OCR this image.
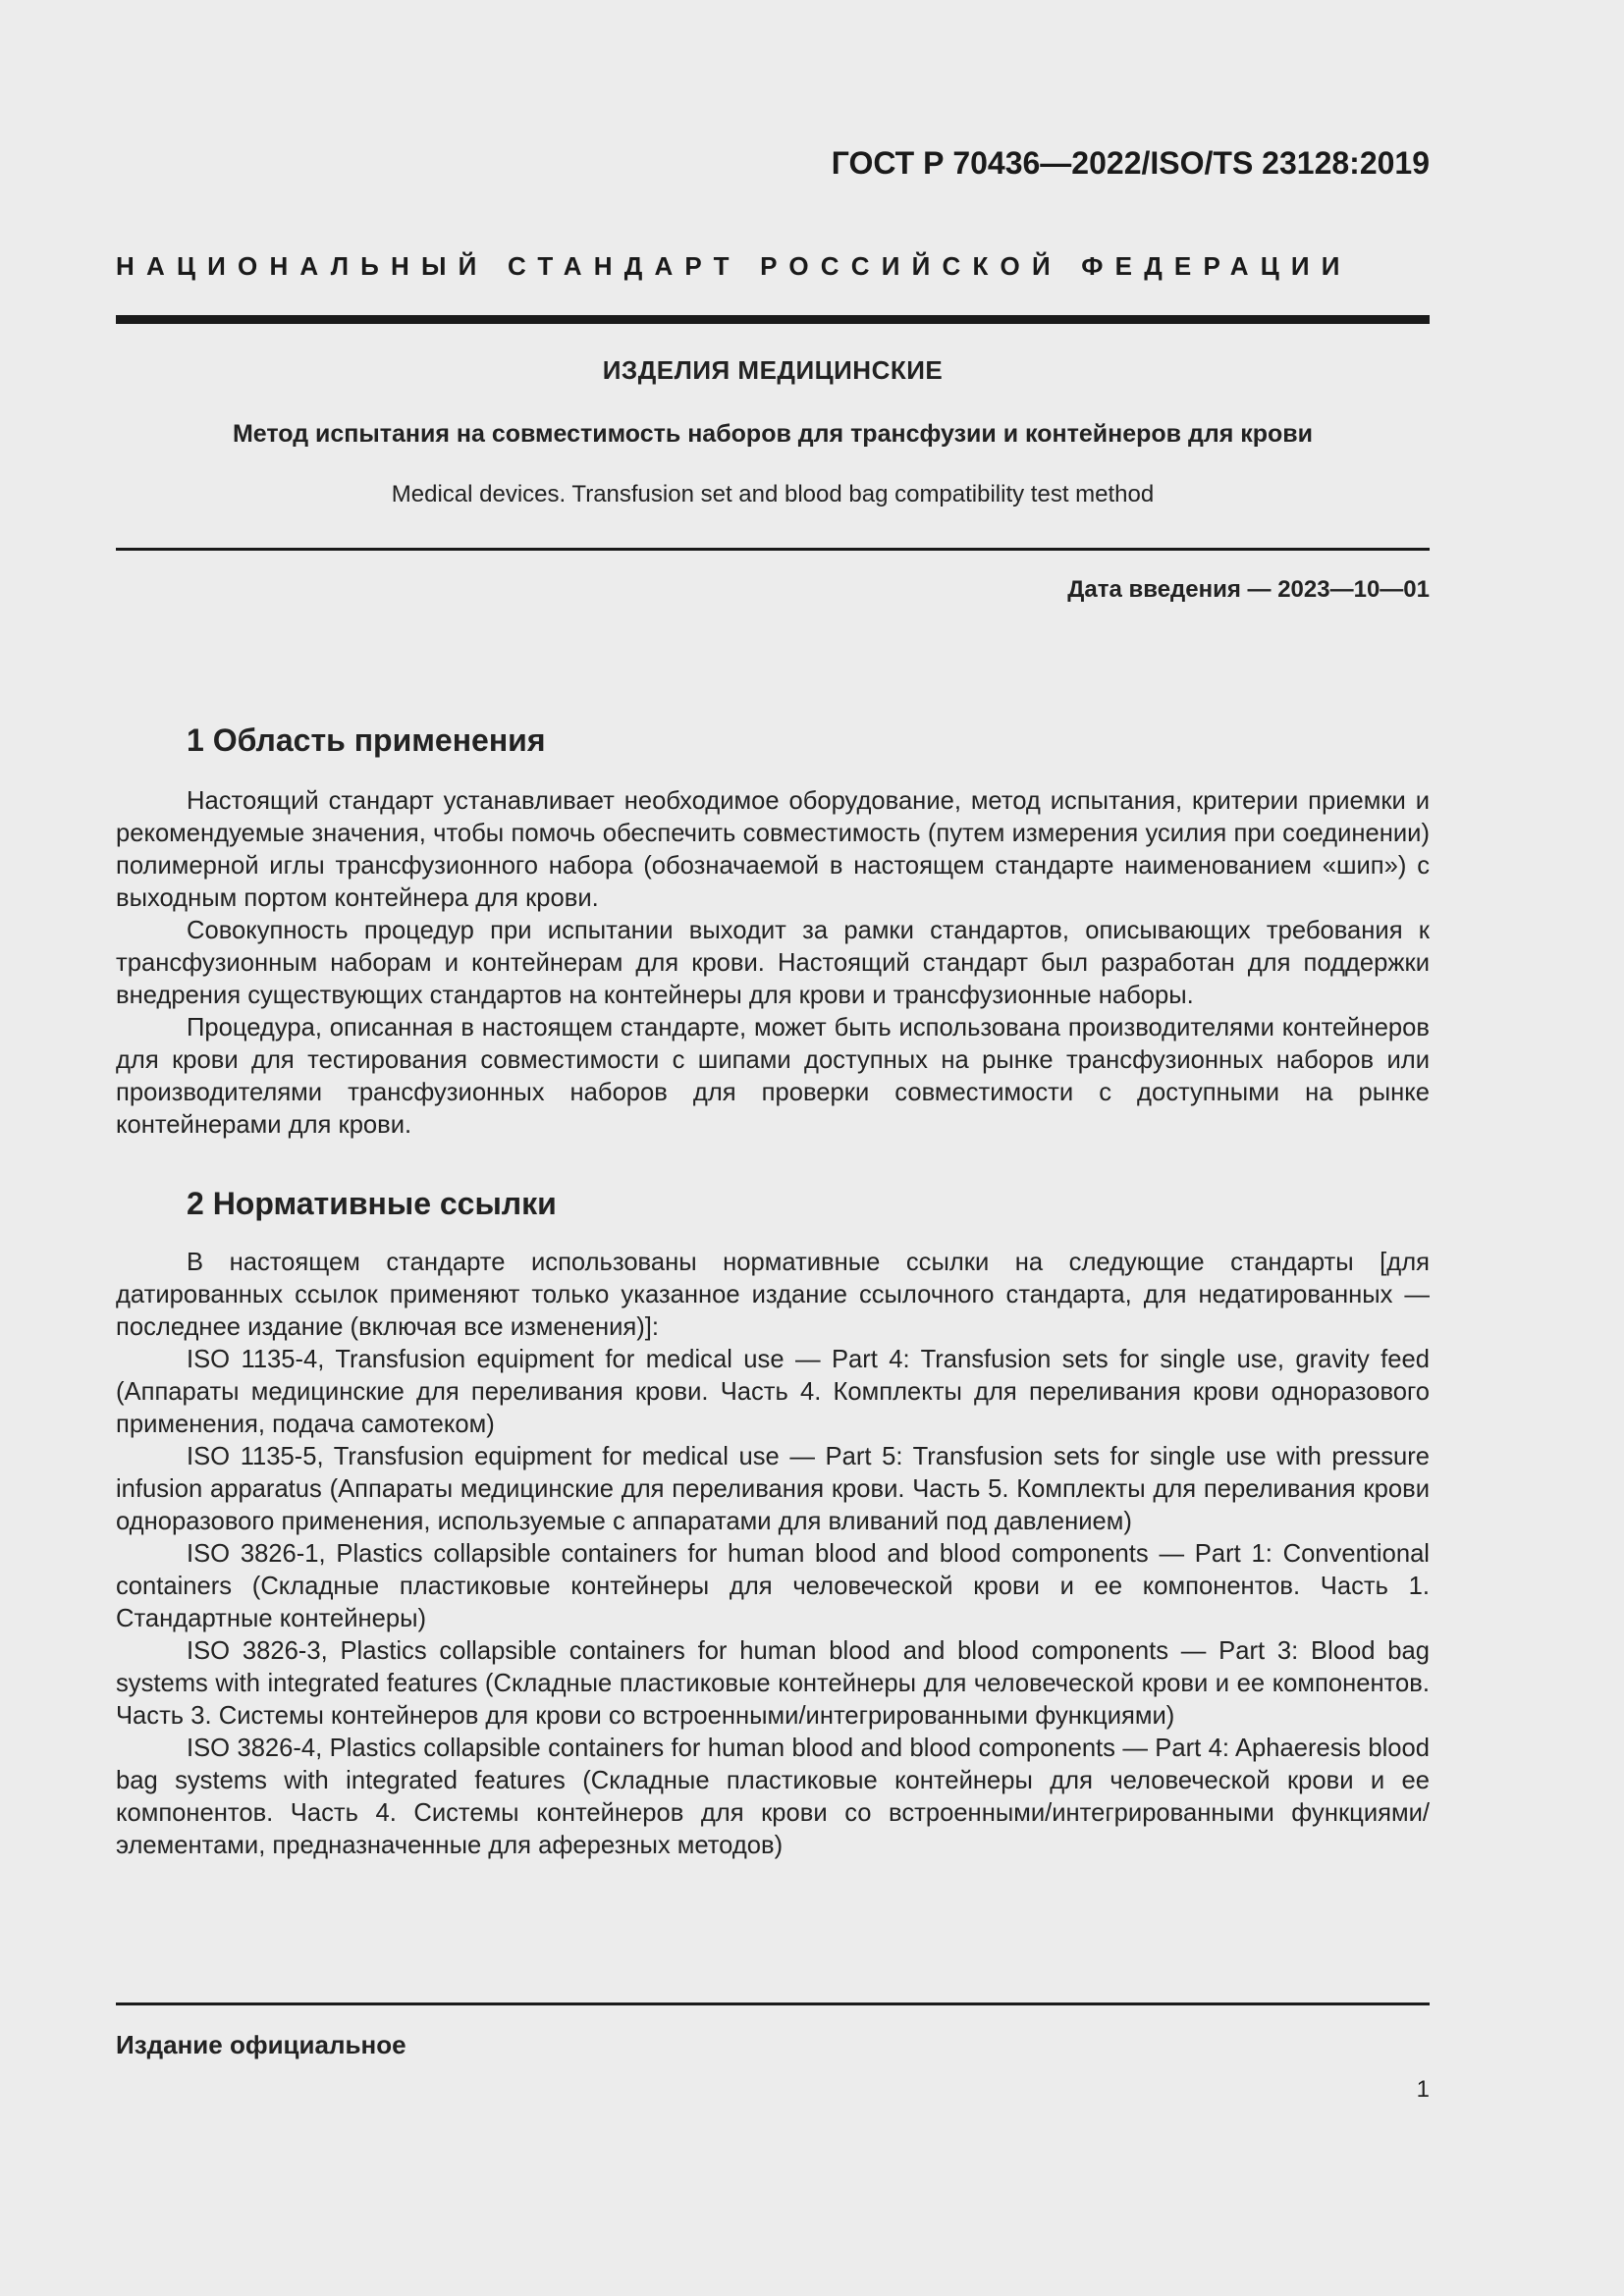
ГОСТ Р 70436—2022/ISO/TS 23128:2019
НАЦИОНАЛЬНЫЙ СТАНДАРТ РОССИЙСКОЙ ФЕДЕРАЦИИ
ИЗДЕЛИЯ МЕДИЦИНСКИЕ
Метод испытания на совместимость наборов для трансфузии и контейнеров для крови
Medical devices. Transfusion set and blood bag compatibility test method
Дата введения — 2023—10—01
1 Область применения

Настоящий стандарт устанавливает необходимое оборудование, метод испытания, критерии приемки и рекомендуемые значения, чтобы помочь обеспечить совместимость (путем измерения усилия при соединении) полимерной иглы трансфузионного набора (обозначаемой в настоящем стандарте наименованием «шип») с выходным портом контейнера для крови.

Совокупность процедур при испытании выходит за рамки стандартов, описывающих требования к трансфузионным наборам и контейнерам для крови. Настоящий стандарт был разработан для поддержки внедрения существующих стандартов на контейнеры для крови и трансфузионные наборы.

Процедура, описанная в настоящем стандарте, может быть использована производителями контейнеров для крови для тестирования совместимости с шипами доступных на рынке трансфузионных наборов или производителями трансфузионных наборов для проверки совместимости с доступными на рынке контейнерами для крови.

2 Нормативные ссылки

В настоящем стандарте использованы нормативные ссылки на следующие стандарты [для датированных ссылок применяют только указанное издание ссылочного стандарта, для недатированных — последнее издание (включая все изменения)]:

ISO 1135-4, Transfusion equipment for medical use — Part 4: Transfusion sets for single use, gravity feed (Аппараты медицинские для переливания крови. Часть 4. Комплекты для переливания крови одноразового применения, подача самотеком)

ISO 1135-5, Transfusion equipment for medical use — Part 5: Transfusion sets for single use with pressure infusion apparatus (Аппараты медицинские для переливания крови. Часть 5. Комплекты для переливания крови одноразового применения, используемые с аппаратами для вливаний под давлением)

ISO 3826-1, Plastics collapsible containers for human blood and blood components — Part 1: Conventional containers (Складные пластиковые контейнеры для человеческой крови и ее компонентов. Часть 1. Стандартные контейнеры)

ISO 3826-3, Plastics collapsible containers for human blood and blood components — Part 3: Blood bag systems with integrated features (Складные пластиковые контейнеры для человеческой крови и ее компонентов. Часть 3. Системы контейнеров для крови со встроенными/интегрированными функциями)

ISO 3826-4, Plastics collapsible containers for human blood and blood components — Part 4: Aphaeresis blood bag systems with integrated features (Складные пластиковые контейнеры для человеческой крови и ее компонентов. Часть 4. Системы контейнеров для крови со встроенными/интегрированными функциями/элементами, предназначенные для аферезных методов)

Издание официальное
1
